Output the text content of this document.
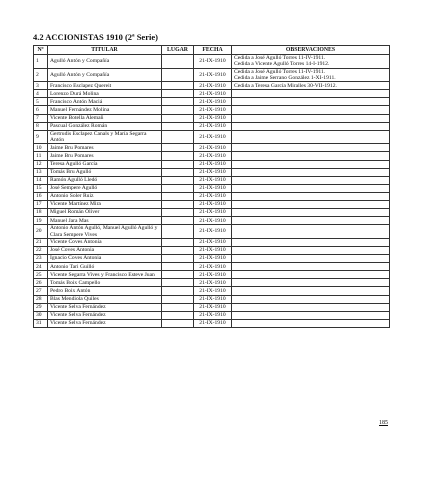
4.2 ACCIONISTAS 1910 (2ª Serie)
Nº	TITULAR	LUGAR	FECHA	OBSERVACIONES
1	Agulló Antón y Compañía		21-IX-1910	Cedida a José Agulló Torres 11-IV-1911.
Cedida a Vicente Agulló Torres 14-I-1912.

2	Agulló Antón y Compañía		21-IX-1910	Cedida a José Agulló Torres 11-IV-1911.
Cedida a Jaime Serrano González 1-XI-1911.

3	Francisco Esclapez Quereit		21-IX-1910	Cedida a Teresa García Miralles 30-VII-1912.

4	Lorenzo Durá Molina		21-IX-1910	
5	Francisco Antón Maciá		21-IX-1910	
6	Manuel Fernández Molina		21-IX-1910	
7	Vicente Botella Alemañ		21-IX-1910	
8	Pascual González Román		21-IX-1910	
9	Gertrudis Esclapez Canals y María Segarra Antón		21-IX-1910	
10	Jaime Bru Pomares		21-IX-1910	
11	Jaime Bru Pomares		21-IX-1910	
12	Teresa Agulló García		21-IX-1910	
13	Tomás Bru Agulló		21-IX-1910	
14	Ramón Agulló Lledó		21-IX-1910	
15	José Sempere Agulló		21-IX-1910	
16	Antonio Soler Ruiz		21-IX-1910	
17	Vicente Martínez Mira		21-IX-1910	
18	Miguel Román Oliver		21-IX-1910	
19	Manuel Jara Mas		21-IX-1910	
20	Antonio Antón Agulló, Manuel Agulló Agulló y Clara Sempere Vives		21-IX-1910	
21	Vicente Coves Antonia		21-IX-1910	
22	José Coves Antonia		21-IX-1910	
23	Ignacio Coves Antonia		21-IX-1910	
24	Antonio Tari Guilló		21-IX-1910	
25	Vicente Segarra Vives y Francisco Esteve Juan		21-IX-1910	
26	Tomás Boix Campello		21-IX-1910	
27	Pedro Boix Antón		21-IX-1910	
28	Blas Mendiola Quiles		21-IX-1910	
29	Vicente Selva Fernández		21-IX-1910	
30	Vicente Selva Fernández		21-IX-1910	
31	Vicente Selva Fernández		21-IX-1910	
185
